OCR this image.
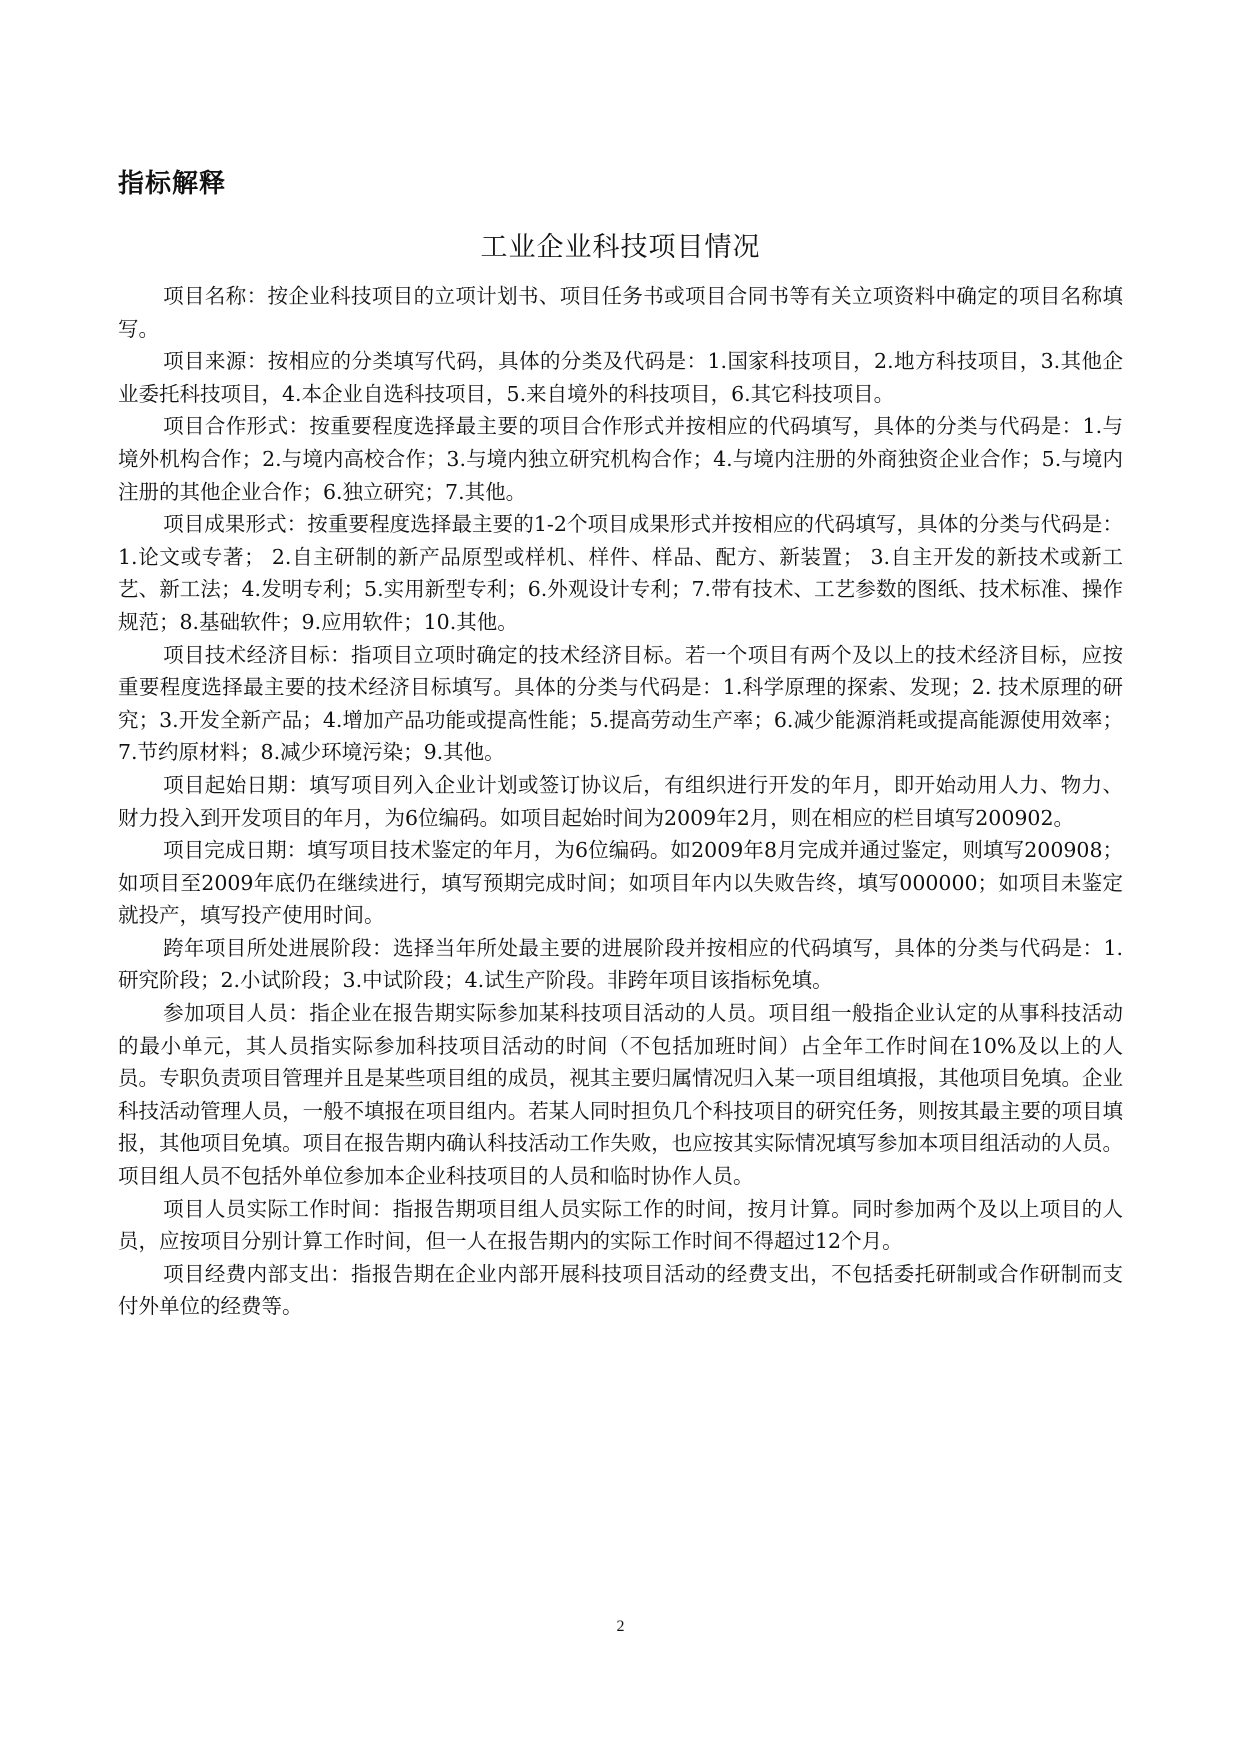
指标解释
工业企业科技项目情况

项目名称：按企业科技项目的立项计划书、项目任务书或项目合同书等有关立项资料中确定的项目名称填写。

项目来源：按相应的分类填写代码，具体的分类及代码是：1.国家科技项目，2.地方科技项目，3.其他企业委托科技项目，4.本企业自选科技项目，5.来自境外的科技项目，6.其它科技项目。

项目合作形式：按重要程度选择最主要的项目合作形式并按相应的代码填写，具体的分类与代码是：1.与境外机构合作；2.与境内高校合作；3.与境内独立研究机构合作；4.与境内注册的外商独资企业合作；5.与境内注册的其他企业合作；6.独立研究；7.其他。

项目成果形式：按重要程度选择最主要的1-2个项目成果形式并按相应的代码填写，具体的分类与代码是：1.论文或专著； 2.自主研制的新产品原型或样机、样件、样品、配方、新装置； 3.自主开发的新技术或新工艺、新工法；4.发明专利；5.实用新型专利；6.外观设计专利；7.带有技术、工艺参数的图纸、技术标准、操作规范；8.基础软件；9.应用软件；10.其他。

项目技术经济目标：指项目立项时确定的技术经济目标。若一个项目有两个及以上的技术经济目标，应按重要程度选择最主要的技术经济目标填写。具体的分类与代码是：1.科学原理的探索、发现；2. 技术原理的研究；3.开发全新产品；4.增加产品功能或提高性能；5.提高劳动生产率；6.减少能源消耗或提高能源使用效率；7.节约原材料；8.减少环境污染；9.其他。

项目起始日期：填写项目列入企业计划或签订协议后，有组织进行开发的年月，即开始动用人力、物力、财力投入到开发项目的年月，为6位编码。如项目起始时间为2009年2月，则在相应的栏目填写200902。

项目完成日期：填写项目技术鉴定的年月，为6位编码。如2009年8月完成并通过鉴定，则填写200908；如项目至2009年底仍在继续进行，填写预期完成时间；如项目年内以失败告终，填写000000；如项目未鉴定就投产，填写投产使用时间。

跨年项目所处进展阶段：选择当年所处最主要的进展阶段并按相应的代码填写，具体的分类与代码是：1.研究阶段；2.小试阶段；3.中试阶段；4.试生产阶段。非跨年项目该指标免填。

参加项目人员：指企业在报告期实际参加某科技项目活动的人员。项目组一般指企业认定的从事科技活动的最小单元，其人员指实际参加科技项目活动的时间（不包括加班时间）占全年工作时间在10%及以上的人员。专职负责项目管理并且是某些项目组的成员，视其主要归属情况归入某一项目组填报，其他项目免填。企业科技活动管理人员，一般不填报在项目组内。若某人同时担负几个科技项目的研究任务，则按其最主要的项目填报，其他项目免填。项目在报告期内确认科技活动工作失败，也应按其实际情况填写参加本项目组活动的人员。项目组人员不包括外单位参加本企业科技项目的人员和临时协作人员。

项目人员实际工作时间：指报告期项目组人员实际工作的时间，按月计算。同时参加两个及以上项目的人员，应按项目分别计算工作时间，但一人在报告期内的实际工作时间不得超过12个月。

项目经费内部支出：指报告期在企业内部开展科技项目活动的经费支出，不包括委托研制或合作研制而支付外单位的经费等。

2
